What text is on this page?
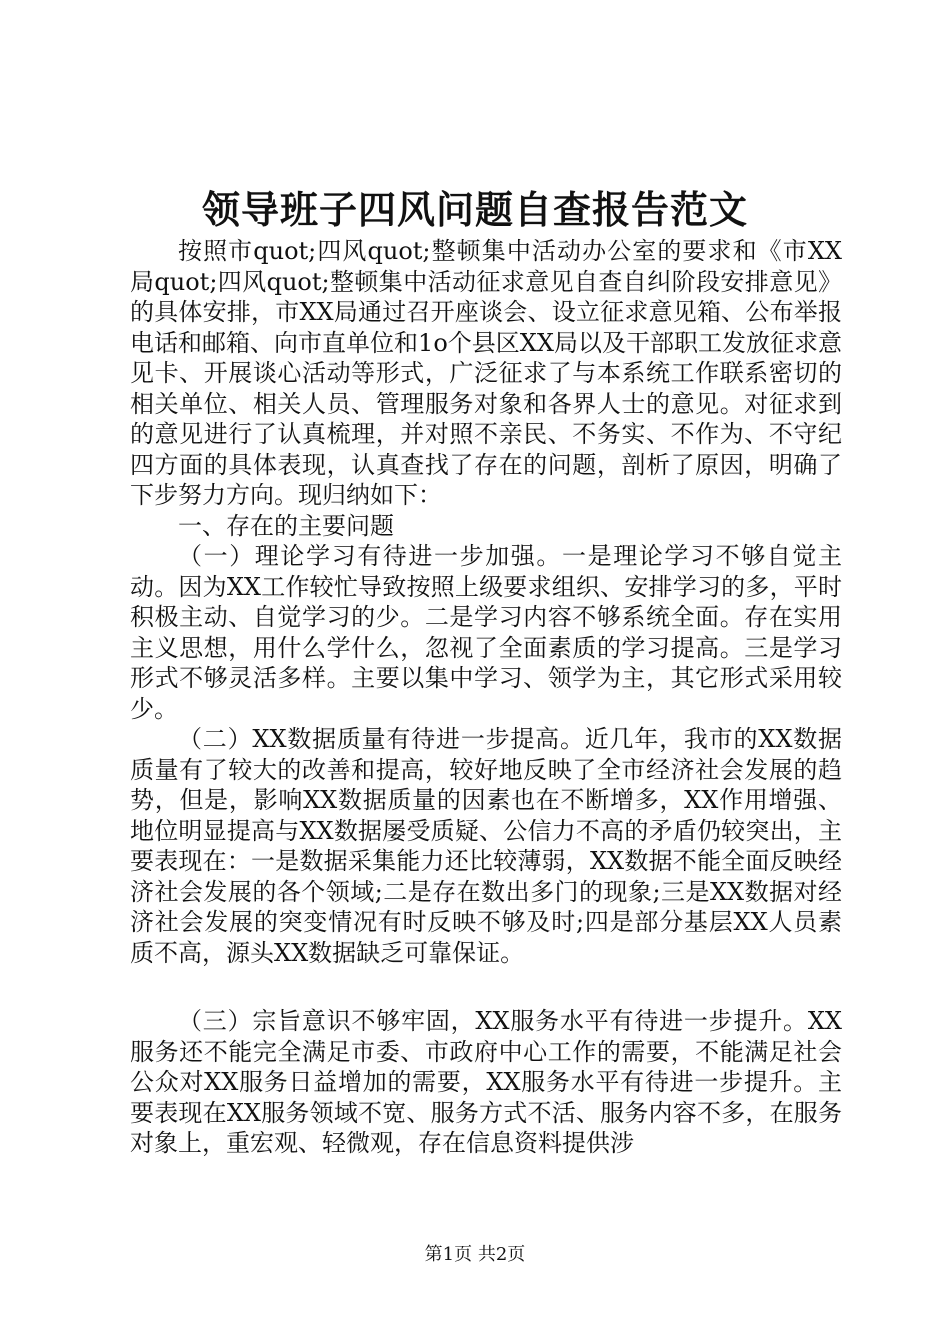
领导班子四风问题自查报告范文

按照市quot;四风quot;整顿集中活动办公室的要求和《市XX局quot;四风quot;整顿集中活动征求意见自查自纠阶段安排意见》的具体安排，市XX局通过召开座谈会、设立征求意见箱、公布举报电话和邮箱、向市直单位和1o个县区XX局以及干部职工发放征求意见卡、开展谈心活动等形式，广泛征求了与本系统工作联系密切的相关单位、相关人员、管理服务对象和各界人士的意见。对征求到的意见进行了认真梳理，并对照不亲民、不务实、不作为、不守纪四方面的具体表现，认真查找了存在的问题，剖析了原因，明确了下步努力方向。现归纳如下：

一、存在的主要问题

（一）理论学习有待进一步加强。一是理论学习不够自觉主动。因为XX工作较忙导致按照上级要求组织、安排学习的多，平时积极主动、自觉学习的少。二是学习内容不够系统全面。存在实用主义思想，用什么学什么，忽视了全面素质的学习提高。三是学习形式不够灵活多样。主要以集中学习、领学为主，其它形式采用较少。

（二）XX数据质量有待进一步提高。近几年，我市的XX数据质量有了较大的改善和提高，较好地反映了全市经济社会发展的趋势，但是，影响XX数据质量的因素也在不断增多，XX作用增强、地位明显提高与XX数据屡受质疑、公信力不高的矛盾仍较突出，主要表现在：一是数据采集能力还比较薄弱，XX数据不能全面反映经济社会发展的各个领域;二是存在数出多门的现象;三是XX数据对经济社会发展的突变情况有时反映不够及时;四是部分基层XX人员素质不高，源头XX数据缺乏可靠保证。

（三）宗旨意识不够牢固，XX服务水平有待进一步提升。XX服务还不能完全满足市委、市政府中心工作的需要，不能满足社会公众对XX服务日益增加的需要，XX服务水平有待进一步提升。主要表现在XX服务领域不宽、服务方式不活、服务内容不多，在服务对象上，重宏观、轻微观，存在信息资料提供涉

第1页 共2页
